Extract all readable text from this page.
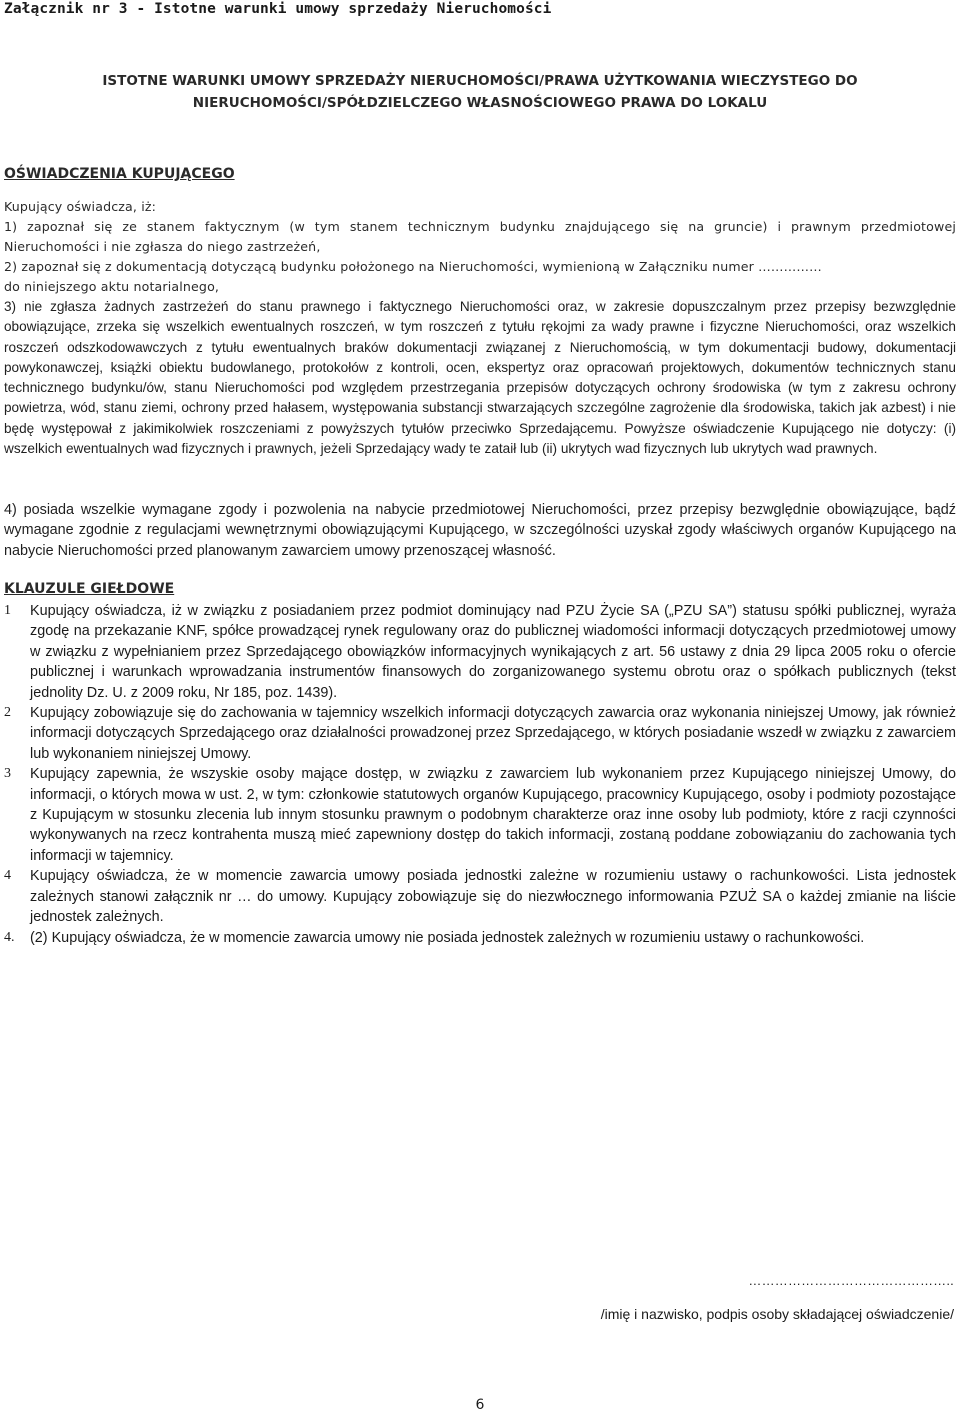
Załącznik nr 3 - Istotne warunki umowy sprzedaży Nieruchomości
ISTOTNE WARUNKI UMOWY SPRZEDAŻY NIERUCHOMOŚCI/PRAWA UŻYTKOWANIA WIECZYSTEGO DO
NIERUCHOMOŚCI/SPÓŁDZIELCZEGO WŁASNOŚCIOWEGO PRAWA DO LOKALU
OŚWIADCZENIA KUPUJĄCEGO

Kupujący oświadcza, iż:

1) zapoznał się ze stanem faktycznym (w tym stanem technicznym budynku znajdującego się na gruncie) i prawnym przedmiotowej Nieruchomości i nie zgłasza do niego zastrzeżeń,

2) zapoznał się z dokumentacją dotyczącą budynku położonego na Nieruchomości, wymienioną w Załączniku numer ……………

do niniejszego aktu notarialnego,

3) nie zgłasza żadnych zastrzeżeń do stanu prawnego i faktycznego Nieruchomości oraz, w zakresie dopuszczalnym przez przepisy bezwzględnie obowiązujące, zrzeka się wszelkich ewentualnych roszczeń, w tym roszczeń z tytułu rękojmi za wady prawne i fizyczne Nieruchomości, oraz wszelkich roszczeń odszkodowawczych z tytułu ewentualnych braków dokumentacji związanej z Nieruchomością, w tym dokumentacji budowy, dokumentacji powykonawczej, książki obiektu budowlanego, protokołów z kontroli, ocen, ekspertyz oraz opracowań projektowych, dokumentów technicznych stanu technicznego budynku/ów, stanu Nieruchomości pod względem przestrzegania przepisów dotyczących ochrony środowiska (w tym z zakresu ochrony powietrza, wód, stanu ziemi, ochrony przed hałasem, występowania substancji stwarzających szczególne zagrożenie dla środowiska, takich jak azbest) i nie będę występował z jakimikolwiek roszczeniami z powyższych tytułów przeciwko Sprzedającemu. Powyższe oświadczenie Kupującego nie dotyczy: (i) wszelkich ewentualnych wad fizycznych i prawnych, jeżeli Sprzedający wady te zataił lub (ii) ukrytych wad fizycznych lub ukrytych wad prawnych.
4) posiada wszelkie wymagane zgody i pozwolenia na nabycie przedmiotowej Nieruchomości, przez przepisy bezwględnie obowiązujące, bądź wymagane zgodnie z regulacjami wewnętrznymi obowiązującymi Kupującego, w szczególności uzyskał zgody właściwych organów Kupującego na nabycie Nieruchomości przed planowanym zawarciem umowy przenoszącej własność.
KLAUZULE GIEŁDOWE
1	Kupujący oświadcza, iż w związku z posiadaniem przez podmiot dominujący nad PZU Życie SA („PZU SA”) statusu spółki publicznej, wyraża zgodę na przekazanie KNF, spółce prowadzącej rynek regulowany oraz do publicznej wiadomości informacji dotyczących przedmiotowej umowy w związku z wypełnianiem przez Sprzedającego obowiązków informacyjnych wynikających z art. 56 ustawy z dnia 29 lipca 2005 roku o ofercie publicznej i warunkach wprowadzania instrumentów finansowych do zorganizowanego systemu obrotu oraz o spółkach publicznych (tekst jednolity Dz. U. z 2009 roku, Nr 185, poz. 1439).
2	Kupujący zobowiązuje się do zachowania w tajemnicy wszelkich informacji dotyczących zawarcia oraz wykonania niniejszej Umowy, jak również informacji dotyczących Sprzedającego oraz działalności prowadzonej przez Sprzedającego, w których posiadanie wszedł w związku z zawarciem lub wykonaniem niniejszej Umowy.
3	Kupujący zapewnia, że wszyskie osoby mające dostęp, w związku z zawarciem lub wykonaniem przez Kupującego niniejszej Umowy, do informacji, o których mowa w ust. 2, w tym: członkowie statutowych organów Kupującego, pracownicy Kupującego, osoby i podmioty pozostające z Kupującym w stosunku zlecenia lub innym stosunku prawnym o podobnym charakterze oraz inne osoby lub podmioty, które z racji czynności wykonywanych na rzecz kontrahenta muszą mieć zapewniony dostęp do takich informacji, zostaną poddane zobowiązaniu do zachowania tych informacji w tajemnicy.
4	Kupujący oświadcza, że w momencie zawarcia umowy posiada jednostki zależne w rozumieniu ustawy o rachunkowości. Lista jednostek zależnych stanowi załącznik nr … do umowy. Kupujący zobowiązuje się do niezwłocznego informowania PZUŻ SA o każdej zmianie na liście jednostek zależnych.
4.	(2) Kupujący oświadcza, że w momencie zawarcia umowy nie posiada jednostek zależnych w rozumieniu ustawy o rachunkowości.
………………………………………..
/imię i nazwisko, podpis osoby składającej oświadczenie/
6
